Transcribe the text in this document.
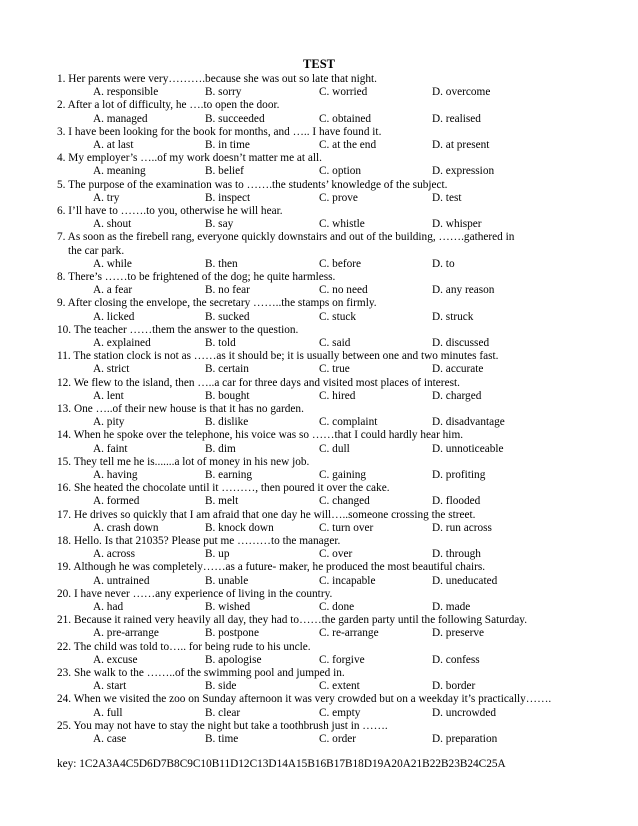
TEST
1. Her parents were very……….because she was out so late that night.
A. responsible	B. sorry	C. worried	D. overcome
2. After a lot of difficulty, he ….to open the door.
A. managed	B. succeeded	C. obtained	D. realised
3. I have been looking for the book for months, and ….. I have found it.
A. at last	B. in time	C. at the end	D. at present
4. My employer’s …..of my work doesn’t matter me at all.
A. meaning	B. belief	C. option	D. expression
5. The purpose of the examination was to …….the students’ knowledge of the subject.
A. try	B. inspect	C. prove	D. test
6. I’ll have to …….to you, otherwise he will hear.
A. shout	B. say	C. whistle	D. whisper
7. As soon as the firebell rang, everyone quickly downstairs and out of the building, …….gathered in
the car park.
A. while	B. then	C. before	D. to
8. There’s ……to be frightened of the dog; he quite harmless.
A. a fear	B. no fear	C. no need	D. any reason
9. After closing the envelope, the secretary ……..the stamps on firmly.
A. licked	B. sucked	C. stuck	D. struck
10. The teacher ……them the answer to the question.
A. explained	B. told	C. said	D. discussed
11. The station clock is not as ……as it should be; it is usually between one and two minutes fast.
A. strict	B. certain	C. true	D. accurate
12. We flew to the island, then …..a car for three days and visited most places of interest.
A. lent	B. bought	C. hired	D. charged
13. One …..of their new house is that it has no garden.
A. pity	B. dislike	C. complaint	D. disadvantage
14. When he spoke over the telephone, his voice was so ……that I could hardly hear him.
A. faint	B. dim	C. dull	D. unnoticeable
15. They tell me he is.......a lot of money in his new job.
A. having	B. earning	C. gaining	D. profiting
16. She heated the chocolate until it ………, then poured it over the cake.
A. formed	B. melt	C. changed	D. flooded
17. He drives so quickly that I am afraid that one day he will…..someone crossing the street.
A. crash down	B. knock down	C. turn over	D. run across
18. Hello. Is that 21035? Please put me ………to the manager.
A. across	B. up	C. over	D. through
19. Although he was completely……as a future- maker, he produced the most beautiful chairs.
A. untrained	B. unable	C. incapable	D. uneducated
20. I have never ……any experience of living in the country.
A. had	B. wished	C. done	D. made
21. Because it rained very heavily all day, they had to……the garden party until the following Saturday.
A. pre-arrange	B. postpone	C. re-arrange	D. preserve
22. The child was told to….. for being rude to his uncle.
A. excuse	B. apologise	C. forgive	D. confess
23. She walk to the ……..of the swimming pool and jumped in.
A. start	B. side	C. extent	D. border
24. When we visited the zoo on Sunday afternoon it was very crowded but on a weekday it’s practically…….
A. full	B. clear	C. empty	D. uncrowded
25. You may not have to stay the night but take a toothbrush just in …….
A. case	B. time	C. order	D. preparation
key: 1C2A3A4C5D6D7B8C9C10B11D12C13D14A15B16B17B18D19A20A21B22B23B24C25A
